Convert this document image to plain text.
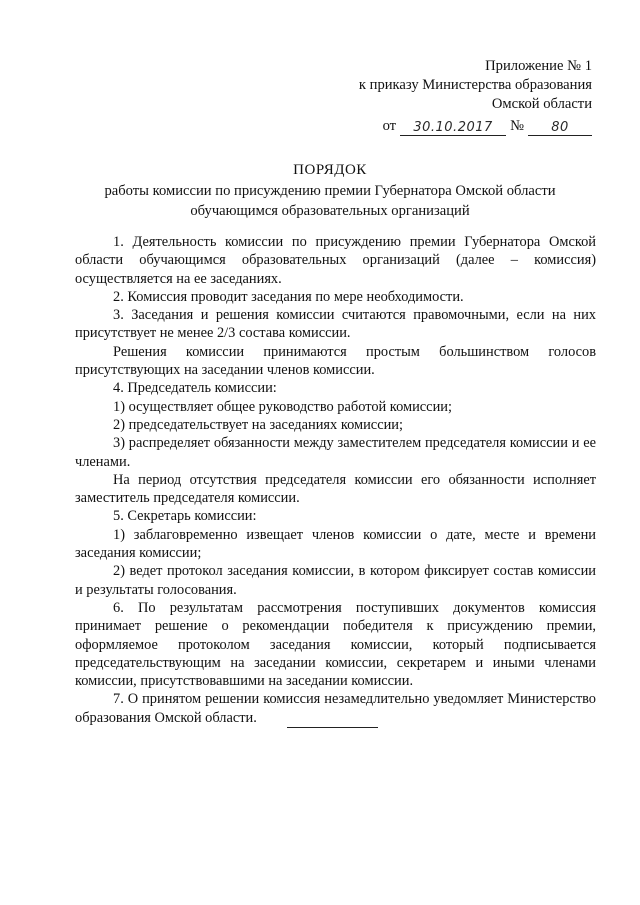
Приложение № 1
к приказу Министерства образования
Омской области
от	30.10.2017	№	80
ПОРЯДОК
работы комиссии по присуждению премии Губернатора Омской области
обучающимся образовательных организаций

1. Деятельность комиссии по присуждению премии Губернатора Омской области обучающимся образовательных организаций (далее – комиссия) осуществляется на ее заседаниях.

2. Комиссия проводит заседания по мере необходимости.

3. Заседания и решения комиссии считаются правомочными, если на них присутствует не менее 2/3 состава комиссии.

Решения комиссии принимаются простым большинством голосов присутствующих на заседании членов комиссии.

4. Председатель комиссии:

1) осуществляет общее руководство работой комиссии;

2) председательствует на заседаниях комиссии;

3) распределяет обязанности между заместителем председателя комиссии и ее членами.

На период отсутствия председателя комиссии его обязанности исполняет заместитель председателя комиссии.

5. Секретарь комиссии:

1) заблаговременно извещает членов комиссии о дате, месте и времени заседания комиссии;

2) ведет протокол заседания комиссии, в котором фиксирует состав комиссии и результаты голосования.

6. По результатам рассмотрения поступивших документов комиссия принимает решение о рекомендации победителя к присуждению премии, оформляемое протоколом заседания комиссии, который подписывается председательствующим на заседании комиссии, секретарем и иными членами комиссии, присутствовавшими на заседании комиссии.

7. О принятом решении комиссия незамедлительно уведомляет Министерство образования Омской области.
